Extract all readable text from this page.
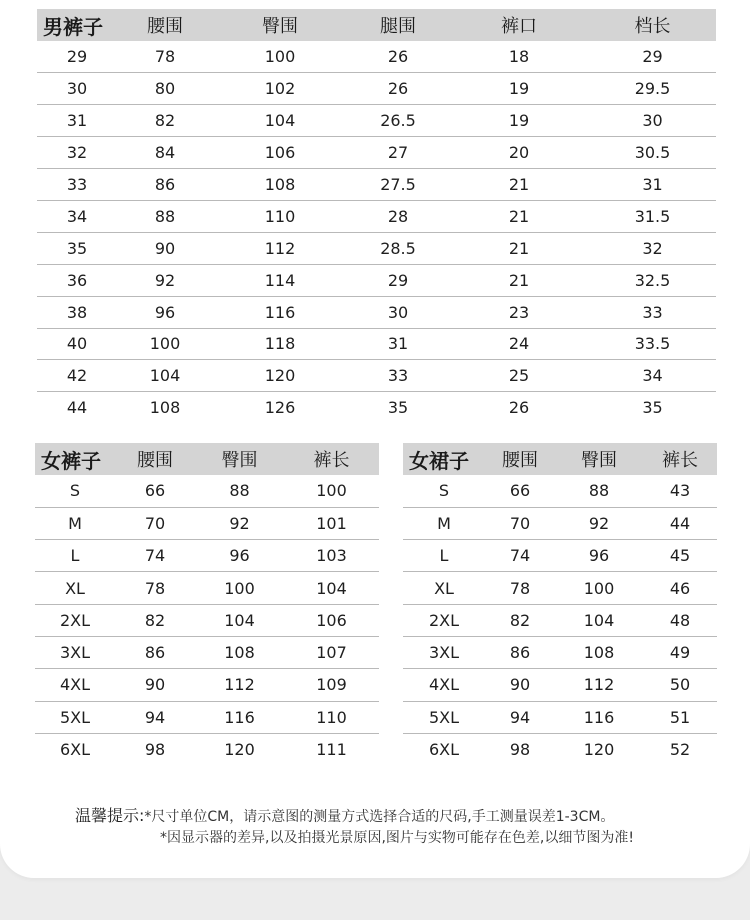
男裤子	腰围	臀围	腿围	裤口	档长
29	78	100	26	18	29
30	80	102	26	19	29.5
31	82	104	26.5	19	30
32	84	106	27	20	30.5
33	86	108	27.5	21	31
34	88	110	28	21	31.5
35	90	112	28.5	21	32
36	92	114	29	21	32.5
38	96	116	30	23	33
40	100	118	31	24	33.5
42	104	120	33	25	34
44	108	126	35	26	35
女裤子	腰围	臀围	裤长
S	66	88	100
M	70	92	101
L	74	96	103
XL	78	100	104
2XL	82	104	106
3XL	86	108	107
4XL	90	112	109
5XL	94	116	110
6XL	98	120	111
女裙子	腰围	臀围	裤长
S	66	88	43
M	70	92	44
L	74	96	45
XL	78	100	46
2XL	82	104	48
3XL	86	108	49
4XL	90	112	50
5XL	94	116	51
6XL	98	120	52
温馨提示:*尺寸单位CM，请示意图的测量方式选择合适的尺码,手工测量误差1-3CM。
*因显示器的差异,以及拍摄光景原因,图片与实物可能存在色差,以细节图为准!
